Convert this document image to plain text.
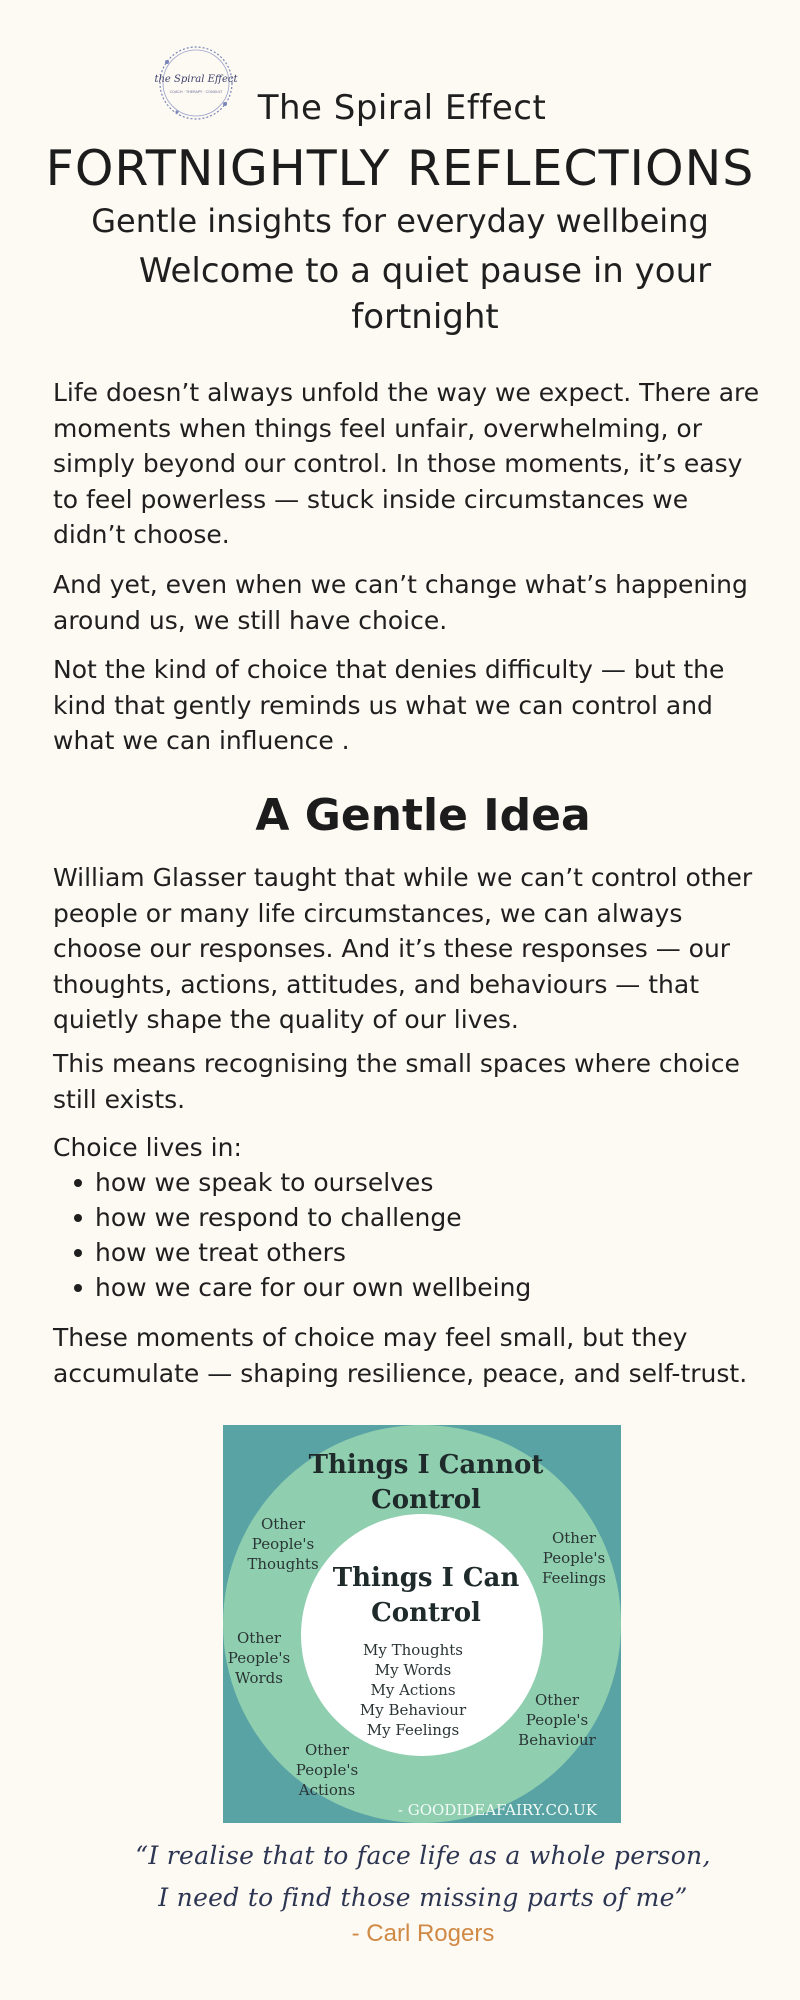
the Spiral Effect
COACH · THERAPY · CONSULT	The Spiral Effect
FORTNIGHTLY REFLECTIONS
Gentle insights for everyday wellbeing
Welcome to a quiet pause in your fortnight

Life doesn’t always unfold the way we expect. There are moments when things feel unfair, overwhelming, or simply beyond our control. In those moments, it’s easy to feel powerless — stuck inside circumstances we didn’t choose.

And yet, even when we can’t change what’s happening around us, we still have choice.

Not the kind of choice that denies difficulty — but the kind that gently reminds us what we can control and what we can influence .

A Gentle Idea

William Glasser taught that while we can’t control other people or many life circumstances, we can always choose our responses. And it’s these responses — our thoughts, actions, attitudes, and behaviours — that quietly shape the quality of our lives.

This means recognising the small spaces where choice still exists.

Choice lives in:

how we speak to ourselves
how we respond to challenge
how we treat others
how we care for our own wellbeing

These moments of choice may feel small, but they accumulate — shaping resilience, peace, and self-trust.

Things I Cannot
Control
Things I Can
Control
My Thoughts
My Words
My Actions
My Behaviour
My Feelings
Other
People's
Thoughts
Other
People's
Feelings
Other
People's
Words
Other
People's
Behaviour
Other
People's
Actions
- GOODIDEAFAIRY.CO.UK
“I realise that to face life as a whole person,
I need to find those missing parts of me”
- Carl Rogers
